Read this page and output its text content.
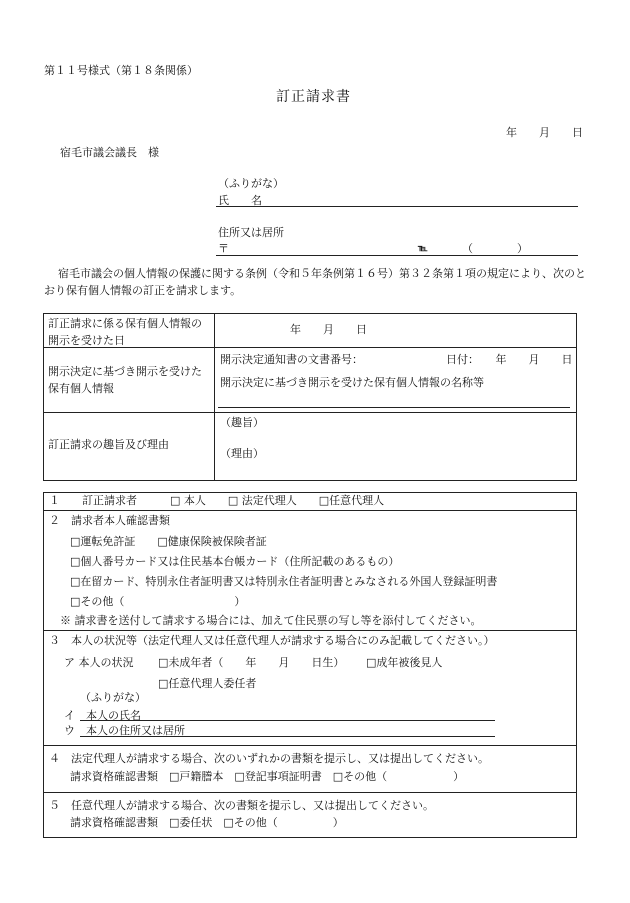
第１１号様式（第１８条関係）
訂正請求書
年　　月　　日
宿毛市議会議長　様
（ふりがな）
氏　　名
住所又は居所
〒	℡	（　　　　）
宿毛市議会の個人情報の保護に関する条例（令和５年条例第１６号）第３２条第１項の規定により、次のとおり保有個人情報の訂正を請求します。
訂正請求に係る保有個人情報の開示を受けた日
年　　月　　日
開示決定に基づき開示を受けた保有個人情報
開示決定通知書の文書番号：	日付：　　年　　月　　日
開示決定に基づき開示を受けた保有個人情報の名称等
訂正請求の趣旨及び理由
（趣旨）
（理由）
１　　訂正請求者　　　□ 本人　　□ 法定代理人　　□任意代理人
２　請求者本人確認書類
□運転免許証　　□健康保険被保険者証
□個人番号カード又は住民基本台帳カード（住所記載のあるもの）
□在留カード、特別永住者証明書又は特別永住者証明書とみなされる外国人登録証明書
□その他（　　　　　　　　　　）
※ 請求書を送付して請求する場合には、加えて住民票の写し等を添付してください。
３　本人の状況等（法定代理人又は任意代理人が請求する場合にのみ記載してください。）
ア 本人の状況 □未成年者（　　年　　月　　日生） □成年被後見人
□任意代理人委任者
（ふりがな）
イ　本人の氏名
ウ　本人の住所又は居所
４　法定代理人が請求する場合、次のいずれかの書類を提示し、又は提出してください。
請求資格確認書類　□戸籍謄本　□登記事項証明書　□その他（　　　　　　）
５　任意代理人が請求する場合、次の書類を提示し、又は提出してください。
請求資格確認書類　□委任状　□その他（　　　　　）
